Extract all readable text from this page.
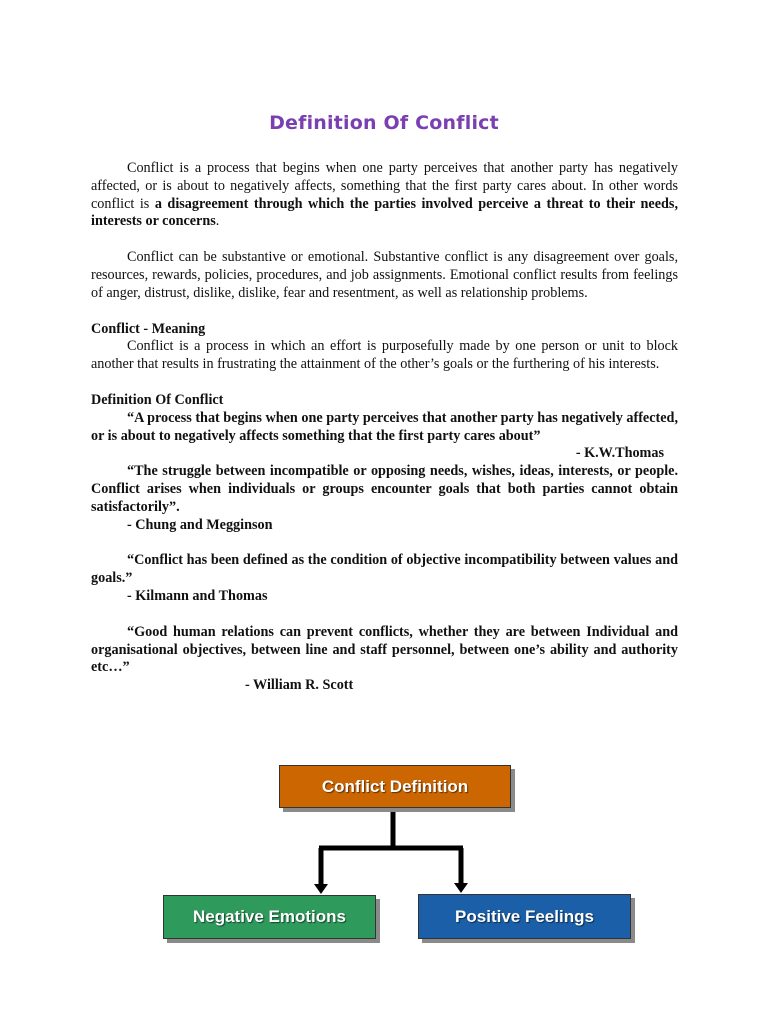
Definition Of Conflict

Conflict is a process that begins when one party perceives that another party has negatively affected, or is about to negatively affects, something that the first party cares about. In other words conflict is a disagreement through which the parties involved perceive a threat to their needs, interests or concerns.

Conflict can be substantive or emotional. Substantive conflict is any disagreement over goals, resources, rewards, policies, procedures, and job assignments. Emotional conflict results from feelings of anger, distrust, dislike, dislike, fear and resentment, as well as relationship problems.

Conflict - Meaning

Conflict is a process in which an effort is purposefully made by one person or unit to block another that results in frustrating the attainment of the other’s goals or the furthering of his interests.

Definition Of Conflict

“A process that begins when one party perceives that another party has negatively affected, or is about to negatively affects something that the first party cares about”

- K.W.Thomas

“The struggle between incompatible or opposing needs, wishes, ideas, interests, or people. Conflict arises when individuals or groups encounter goals that both parties cannot obtain satisfactorily”.

- Chung and Megginson

“Conflict has been defined as the condition of objective incompatibility between values and goals.”

- Kilmann and Thomas

“Good human relations can prevent conflicts, whether they are between Individual and organisational objectives, between line and staff personnel, between one’s ability and authority etc…”

- William R. Scott

Conflict Definition
Negative Emotions	Positive Feelings
